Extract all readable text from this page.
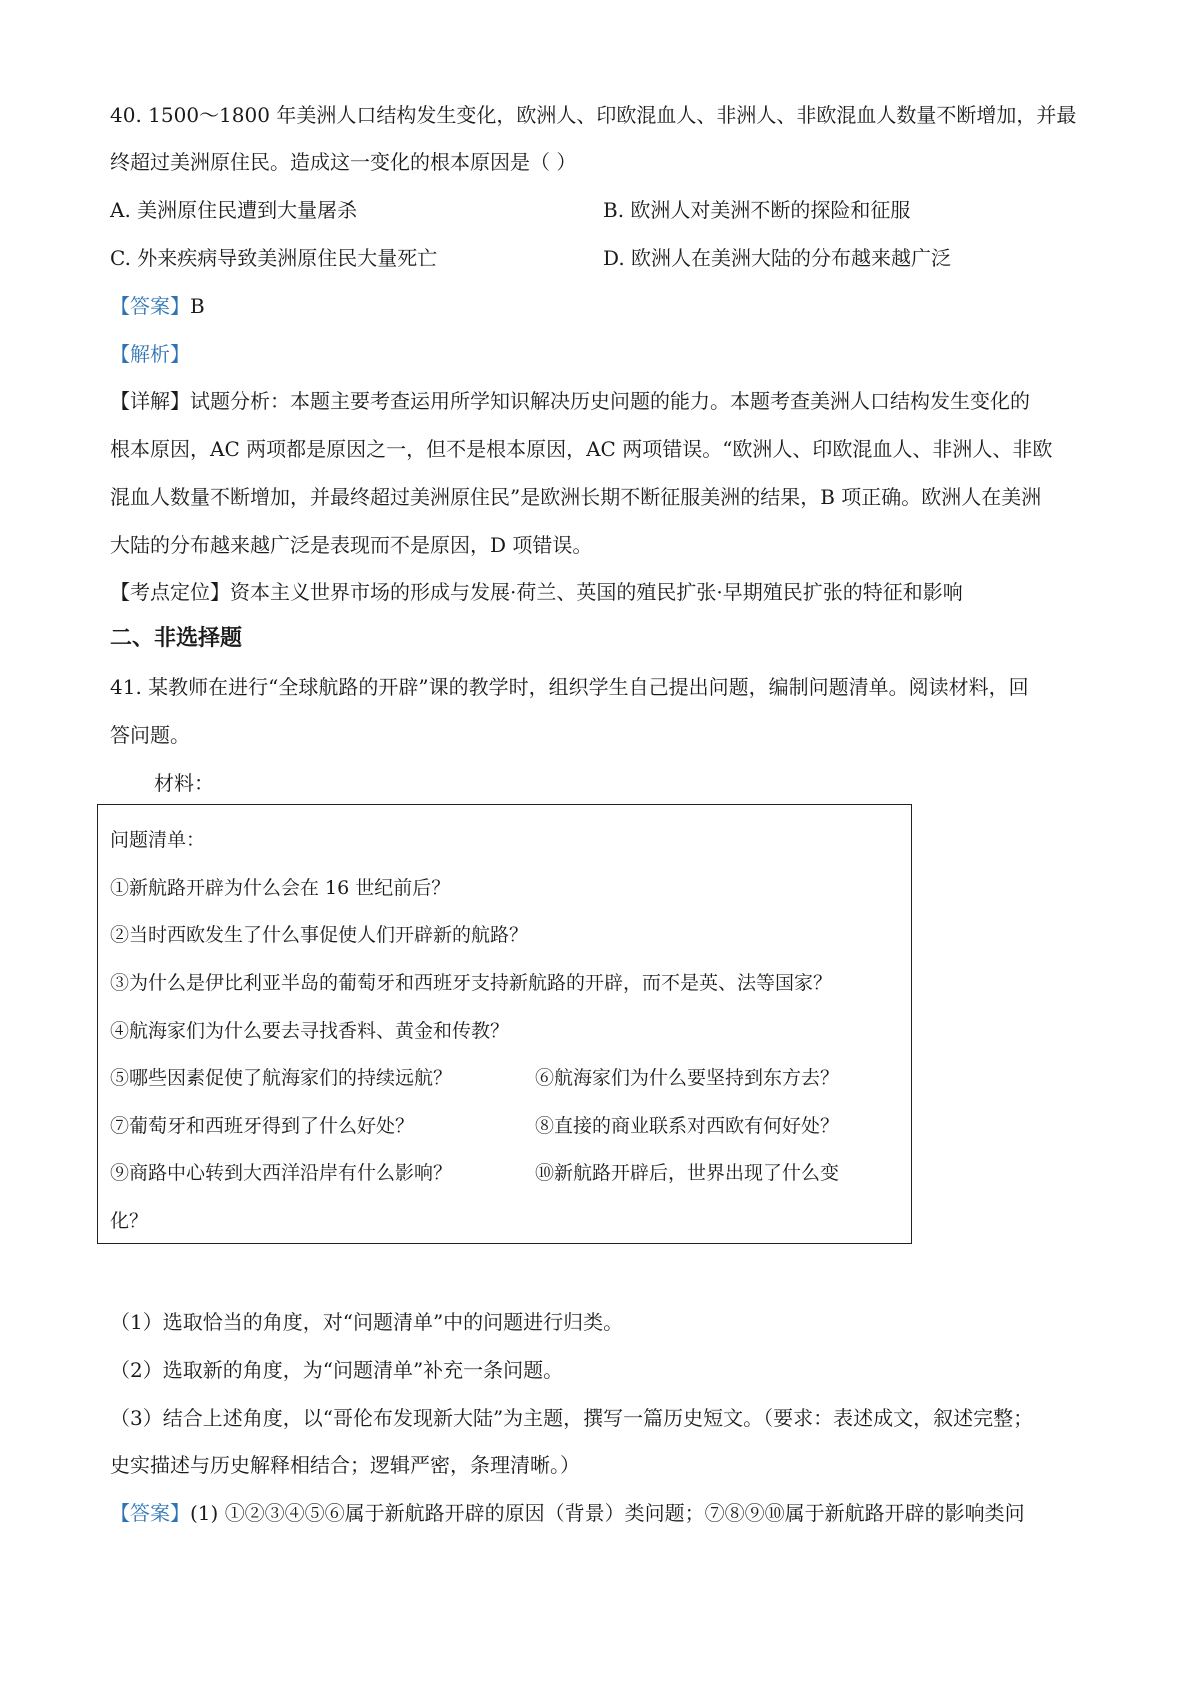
40. 1500～1800 年美洲人口结构发生变化，欧洲人、印欧混血人、非洲人、非欧混血人数量不断增加，并最
终超过美洲原住民。造成这一变化的根本原因是（ ）
A. 美洲原住民遭到大量屠杀	B. 欧洲人对美洲不断的探险和征服
C. 外来疾病导致美洲原住民大量死亡	D. 欧洲人在美洲大陆的分布越来越广泛
【答案】B
【解析】
【详解】试题分析：本题主要考查运用所学知识解决历史问题的能力。本题考查美洲人口结构发生变化的
根本原因，AC 两项都是原因之一，但不是根本原因，AC 两项错误。“欧洲人、印欧混血人、非洲人、非欧
混血人数量不断增加，并最终超过美洲原住民”是欧洲长期不断征服美洲的结果，B 项正确。欧洲人在美洲
大陆的分布越来越广泛是表现而不是原因，D 项错误。
【考点定位】资本主义世界市场的形成与发展·荷兰、英国的殖民扩张·早期殖民扩张的特征和影响
二、非选择题
41. 某教师在进行“全球航路的开辟”课的教学时，组织学生自己提出问题，编制问题清单。阅读材料，回
答问题。
材料：
问题清单：
①新航路开辟为什么会在 16 世纪前后？
②当时西欧发生了什么事促使人们开辟新的航路？
③为什么是伊比利亚半岛的葡萄牙和西班牙支持新航路的开辟，而不是英、法等国家？
④航海家们为什么要去寻找香料、黄金和传教？
⑤哪些因素促使了航海家们的持续远航？	⑥航海家们为什么要坚持到东方去？
⑦葡萄牙和西班牙得到了什么好处？	⑧直接的商业联系对西欧有何好处？
⑨商路中心转到大西洋沿岸有什么影响？	⑩新航路开辟后，世界出现了什么变
化？
（1）选取恰当的角度，对“问题清单”中的问题进行归类。
（2）选取新的角度，为“问题清单”补充一条问题。
（3）结合上述角度，以“哥伦布发现新大陆”为主题，撰写一篇历史短文。（要求：表述成文，叙述完整；
史实描述与历史解释相结合；逻辑严密，条理清晰。）
【答案】(1) ①②③④⑤⑥属于新航路开辟的原因（背景）类问题；⑦⑧⑨⑩属于新航路开辟的影响类问
